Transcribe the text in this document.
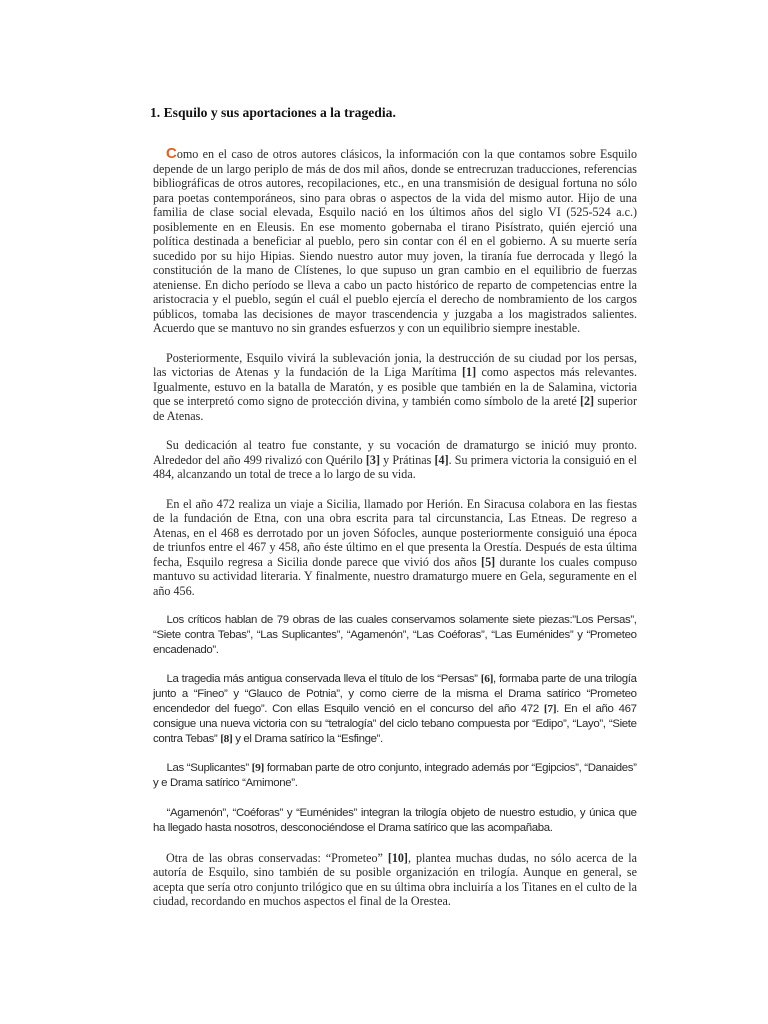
1. Esquilo y sus aportaciones a la tragedia.

Como en el caso de otros autores clásicos, la información con la que contamos sobre Esquilo depende de un largo periplo de más de dos mil años, donde se entrecruzan traducciones, referencias bibliográficas de otros autores, recopilaciones, etc., en una transmisión de desigual fortuna no sólo para poetas contemporáneos, sino para obras o aspectos de la vida del mismo autor. Hijo de una familia de clase social elevada, Esquilo nació en los últimos años del siglo VI (525-524 a.c.) posiblemente en en Eleusis. En ese momento gobernaba el tirano Pisístrato, quién ejerció una política destinada a beneficiar al pueblo, pero sin contar con él en el gobierno. A su muerte sería sucedido por su hijo Hipias. Siendo nuestro autor muy joven, la tiranía fue derrocada y llegó la constitución de la mano de Clístenes, lo que supuso un gran cambio en el equilibrio de fuerzas ateniense. En dicho período se lleva a cabo un pacto histórico de reparto de competencias entre la aristocracia y el pueblo, según el cuál el pueblo ejercía el derecho de nombramiento de los cargos públicos, tomaba las decisiones de mayor trascendencia y juzgaba a los magistrados salientes. Acuerdo que se mantuvo no sin grandes esfuerzos y con un equilibrio siempre inestable.

Posteriormente, Esquilo vivirá la sublevación jonia, la destrucción de su ciudad por los persas, las victorias de Atenas y la fundación de la Liga Marítima [1] como aspectos más relevantes. Igualmente, estuvo en la batalla de Maratón, y es posible que también en la de Salamina, victoria que se interpretó como signo de protección divina, y también como símbolo de la areté [2] superior de Atenas.

Su dedicación al teatro fue constante, y su vocación de dramaturgo se inició muy pronto. Alrededor del año 499 rivalizó con Quérilo [3] y Prátinas [4]. Su primera victoria la consiguió en el 484, alcanzando un total de trece a lo largo de su vida.

En el año 472 realiza un viaje a Sicilia, llamado por Herión. En Siracusa colabora en las fiestas de la fundación de Etna, con una obra escrita para tal circunstancia, Las Etneas. De regreso a Atenas, en el 468 es derrotado por un joven Sófocles, aunque posteriormente consiguió una época de triunfos entre el 467 y 458, año éste último en el que presenta la Orestía. Después de esta última fecha, Esquilo regresa a Sicilia donde parece que vivió dos años [5] durante los cuales compuso mantuvo su actividad literaria. Y finalmente, nuestro dramaturgo muere en Gela, seguramente en el año 456.

Los críticos hablan de 79 obras de las cuales conservamos solamente siete piezas:”Los Persas”, “Siete contra Tebas”, “Las Suplicantes”, “Agamenón”, “Las Coéforas”, “Las Euménides” y “Prometeo encadenado”.

La tragedia más antigua conservada lleva el título de los “Persas” [6], formaba parte de una trilogía junto a “Fineo” y “Glauco de Potnia”, y como cierre de la misma el Drama satírico “Prometeo encendedor del fuego”. Con ellas Esquilo venció en el concurso del año 472 [7]. En el año 467 consigue una nueva victoria con su “tetralogía” del ciclo tebano compuesta por “Edipo”, “Layo”, “Siete contra Tebas” [8] y el Drama satírico la “Esfinge”.

Las “Suplicantes” [9] formaban parte de otro conjunto, integrado además por “Egipcios”, “Danaides” y e Drama satírico “Amimone”.

“Agamenón”, “Coéforas” y “Euménides” integran la trilogía objeto de nuestro estudio, y única que ha llegado hasta nosotros, desconociéndose el Drama satírico que las acompañaba.

Otra de las obras conservadas: “Prometeo” [10], plantea muchas dudas, no sólo acerca de la autoría de Esquilo, sino también de su posible organización en trilogía. Aunque en general, se acepta que sería otro conjunto trilógico que en su última obra incluiría a los Titanes en el culto de la ciudad, recordando en muchos aspectos el final de la Orestea.
